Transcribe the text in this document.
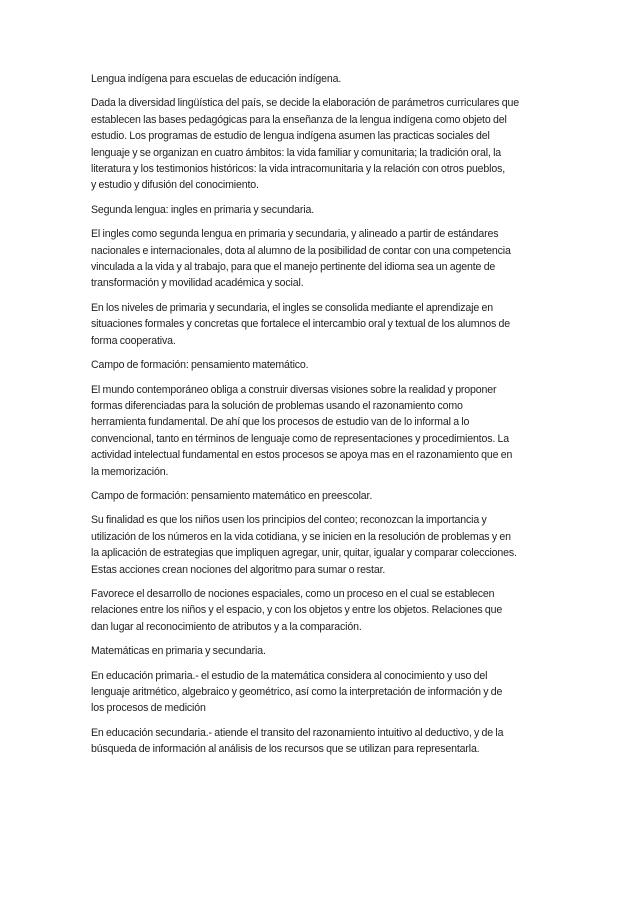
Lengua indígena para escuelas de educación indígena.
Dada la diversidad lingüística del país, se decide la elaboración de parámetros curriculares que
establecen las bases pedagógicas para la enseñanza de la lengua indígena como objeto del
estudio. Los programas de estudio de lengua indígena asumen las practicas sociales del
lenguaje y se organizan en cuatro ámbitos: la vida familiar y comunitaria; la tradición oral, la
literatura y los testimonios históricos: la vida intracomunitaria y la relación con otros pueblos,
y estudio y difusión del conocimiento.
Segunda lengua: ingles en primaria y secundaria.
El ingles como segunda lengua en primaria y secundaria, y alineado a partir de estándares
nacionales e internacionales, dota al alumno de la posibilidad de contar con una competencia
vinculada a la vida y al trabajo, para que el manejo pertinente del idioma sea un agente de
transformación y movilidad académica y social.
En los niveles de primaria y secundaria, el ingles se consolida mediante el aprendizaje en
situaciones formales y concretas que fortalece el intercambio oral y textual de los alumnos de
forma cooperativa.
Campo de formación: pensamiento matemático.
El mundo contemporáneo obliga a construir diversas visiones sobre la realidad y proponer
formas diferenciadas para la solución de problemas usando el razonamiento como
herramienta fundamental. De ahí que los procesos de estudio van de lo informal a lo
convencional, tanto en términos de lenguaje como de representaciones y procedimientos. La
actividad intelectual fundamental en estos procesos se apoya mas en el razonamiento que en
la memorización.
Campo de formación: pensamiento matemático en preescolar.
Su finalidad es que los niños usen los principios del conteo; reconozcan la importancia y
utilización de los números en la vida cotidiana, y se inicien en la resolución de problemas y en
la aplicación de estrategias que impliquen agregar, unir, quitar, igualar y comparar colecciones.
Estas acciones crean nociones del algoritmo para sumar o restar.
Favorece el desarrollo de nociones espaciales, como un proceso en el cual se establecen
relaciones entre los niños y el espacio, y con los objetos y entre los objetos. Relaciones que
dan lugar al reconocimiento de atributos y a la comparación.
Matemáticas en primaria y secundaria.
En educación primaria.- el estudio de la matemática considera al conocimiento y uso del
lenguaje aritmético, algebraico y geométrico, así como la interpretación de información y de
los procesos de medición
En educación secundaria.- atiende el transito del razonamiento intuitivo al deductivo, y de la
búsqueda de información al análisis de los recursos que se utilizan para representarla.
